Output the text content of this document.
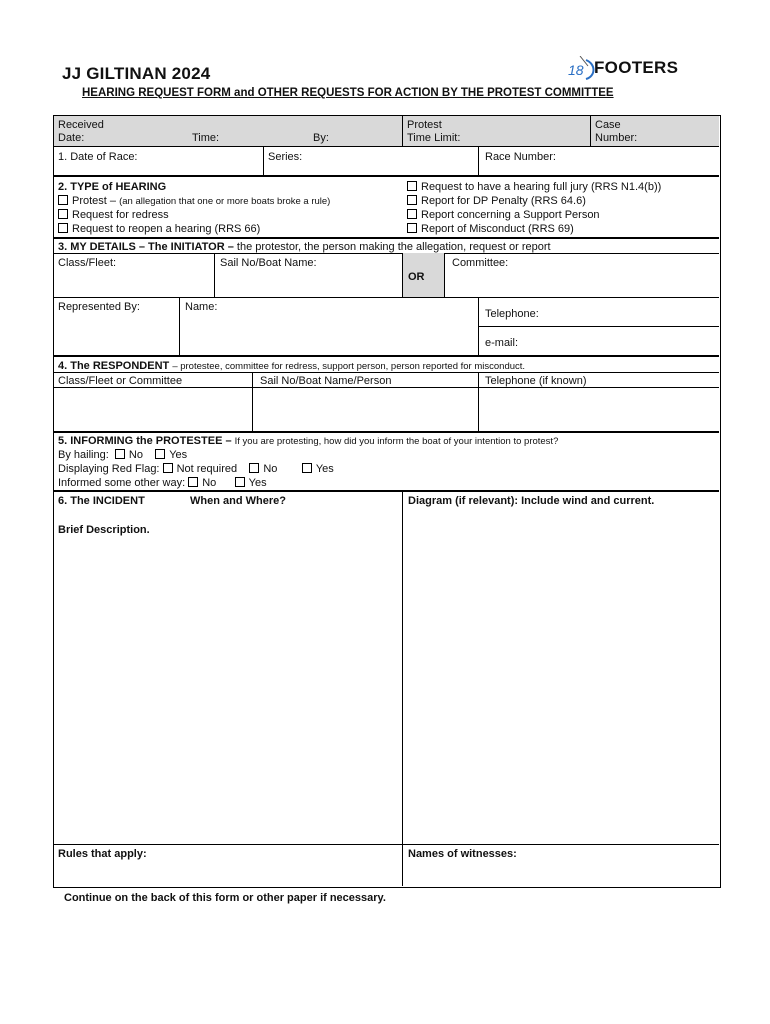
JJ GILTINAN 2024
HEARING REQUEST FORM and OTHER REQUESTS FOR ACTION BY THE PROTEST COMMITTEE
18 FOOTERS
Received
Date:	Time:	By:
Protest
Time Limit:
Case
Number:
1. Date of Race:	Series:	Race Number:
2. TYPE of HEARING
Protest – (an allegation that one or more boats broke a rule)
Request for redress
Request to reopen a hearing (RRS 66)
Request to have a hearing full jury (RRS N1.4(b))
Report for DP Penalty (RRS 64.6)
Report concerning a Support Person
Report of Misconduct (RRS 69)
3. MY DETAILS – The INITIATOR – the protestor, the person making the allegation, request or report
Class/Fleet:	Sail No/Boat Name:
OR
Committee:
Represented By:	Name:
Telephone:
e-mail:
4. The RESPONDENT – protestee, committee for redress, support person, person reported for misconduct.
Class/Fleet or Committee	Sail No/Boat Name/Person	Telephone (if known)
5. INFORMING the PROTESTEE – If you are protesting, how did you inform the boat of your intention to protest?
By hailing: No Yes
Displaying Red Flag: Not required No	Yes
Informed some other way: No	Yes
6. The INCIDENT	When and Where?
Brief Description.
Diagram (if relevant): Include wind and current.
Rules that apply:	Names of witnesses:
Continue on the back of this form or other paper if necessary.
